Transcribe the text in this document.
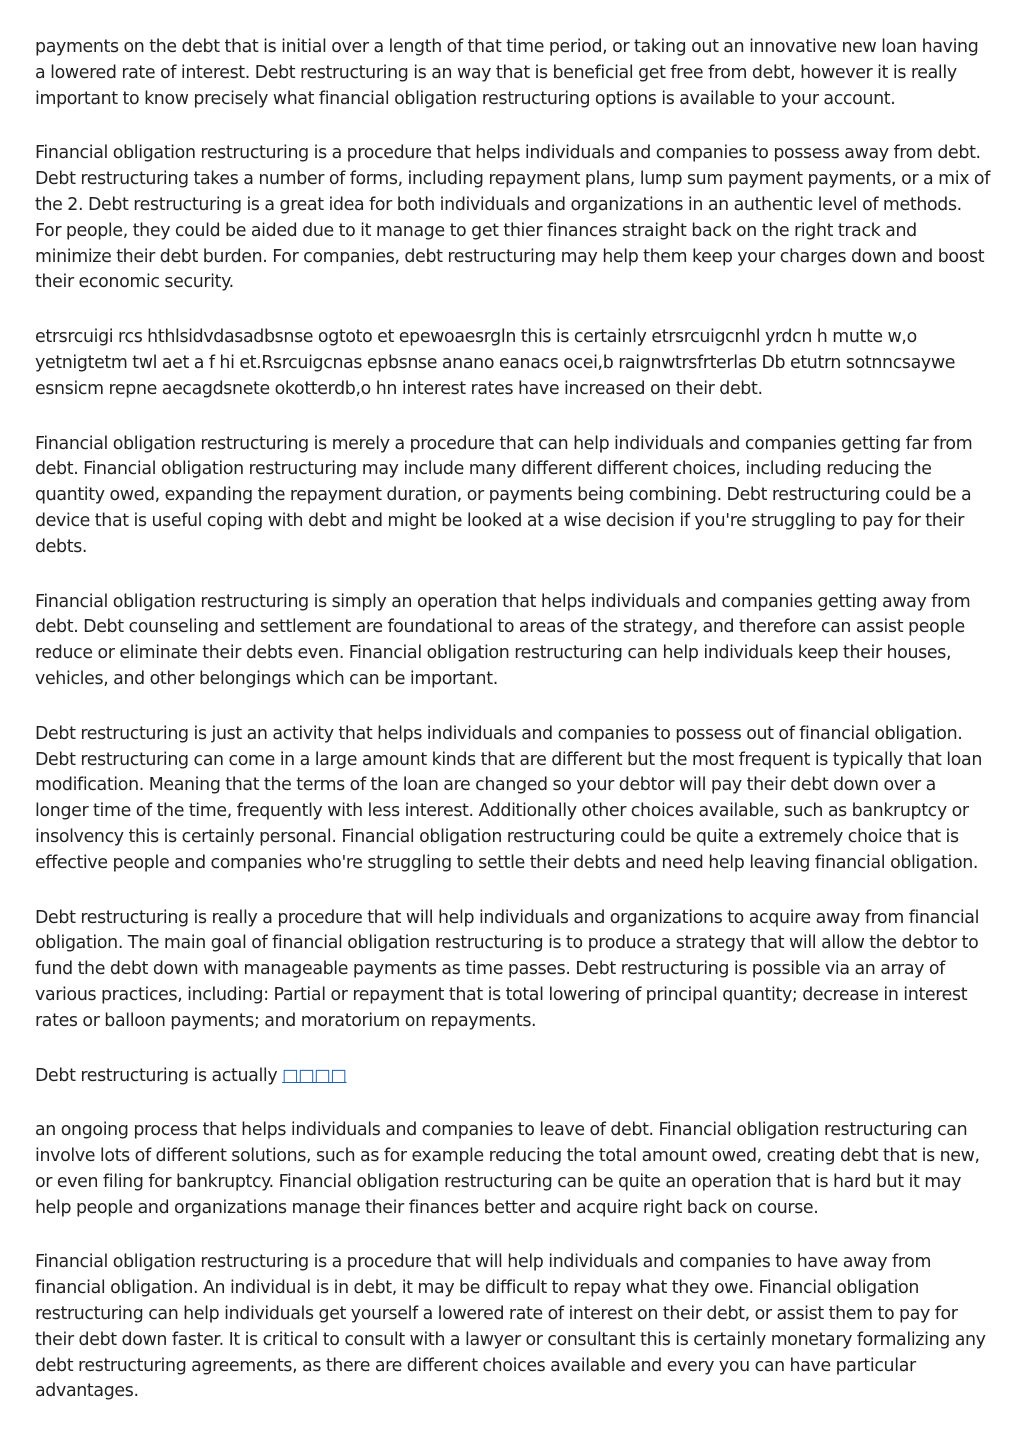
payments on the debt that is initial over a length of that time period, or taking out an innovative new loan having a lowered rate of interest. Debt restructuring is an way that is beneficial get free from debt, however it is really important to know precisely what financial obligation restructuring options is available to your account.

Financial obligation restructuring is a procedure that helps individuals and companies to possess away from debt. Debt restructuring takes a number of forms, including repayment plans, lump sum payment payments, or a mix of the 2. Debt restructuring is a great idea for both individuals and organizations in an authentic level of methods. For people, they could be aided due to it manage to get thier finances straight back on the right track and minimize their debt burden. For companies, debt restructuring may help them keep your charges down and boost their economic security.

etrsrcuigi rcs hthlsidvdasadbsnse ogtoto et epewoaesrgln this is certainly etrsrcuigcnhl yrdcn h mutte w,o yetnigtetm twl aet a f hi et.Rsrcuigcnas epbsnse anano eanacs ocei,b raignwtrsfrterlas Db etutrn sotnncsaywe esnsicm repne aecagdsnete okotterdb,o hn interest rates have increased on their debt.

Financial obligation restructuring is merely a procedure that can help individuals and companies getting far from debt. Financial obligation restructuring may include many different different choices, including reducing the quantity owed, expanding the repayment duration, or payments being combining. Debt restructuring could be a device that is useful coping with debt and might be looked at a wise decision if you're struggling to pay for their debts.

Financial obligation restructuring is simply an operation that helps individuals and companies getting away from debt. Debt counseling and settlement are foundational to areas of the strategy, and therefore can assist people reduce or eliminate their debts even. Financial obligation restructuring can help individuals keep their houses, vehicles, and other belongings which can be important.

Debt restructuring is just an activity that helps individuals and companies to possess out of financial obligation. Debt restructuring can come in a large amount kinds that are different but the most frequent is typically that loan modification. Meaning that the terms of the loan are changed so your debtor will pay their debt down over a longer time of the time, frequently with less interest. Additionally other choices available, such as bankruptcy or insolvency this is certainly personal. Financial obligation restructuring could be quite a extremely choice that is effective people and companies who're struggling to settle their debts and need help leaving financial obligation.

Debt restructuring is really a procedure that will help individuals and organizations to acquire away from financial obligation. The main goal of financial obligation restructuring is to produce a strategy that will allow the debtor to fund the debt down with manageable payments as time passes. Debt restructuring is possible via an array of various practices, including: Partial or repayment that is total lowering of principal quantity; decrease in interest rates or balloon payments; and moratorium on repayments.

Debt restructuring is actually □□□□

an ongoing process that helps individuals and companies to leave of debt. Financial obligation restructuring can involve lots of different solutions, such as for example reducing the total amount owed, creating debt that is new, or even filing for bankruptcy. Financial obligation restructuring can be quite an operation that is hard but it may help people and organizations manage their finances better and acquire right back on course.

Financial obligation restructuring is a procedure that will help individuals and companies to have away from financial obligation. An individual is in debt, it may be difficult to repay what they owe. Financial obligation restructuring can help individuals get yourself a lowered rate of interest on their debt, or assist them to pay for their debt down faster. It is critical to consult with a lawyer or consultant this is certainly monetary formalizing any debt restructuring agreements, as there are different choices available and every you can have particular advantages.
